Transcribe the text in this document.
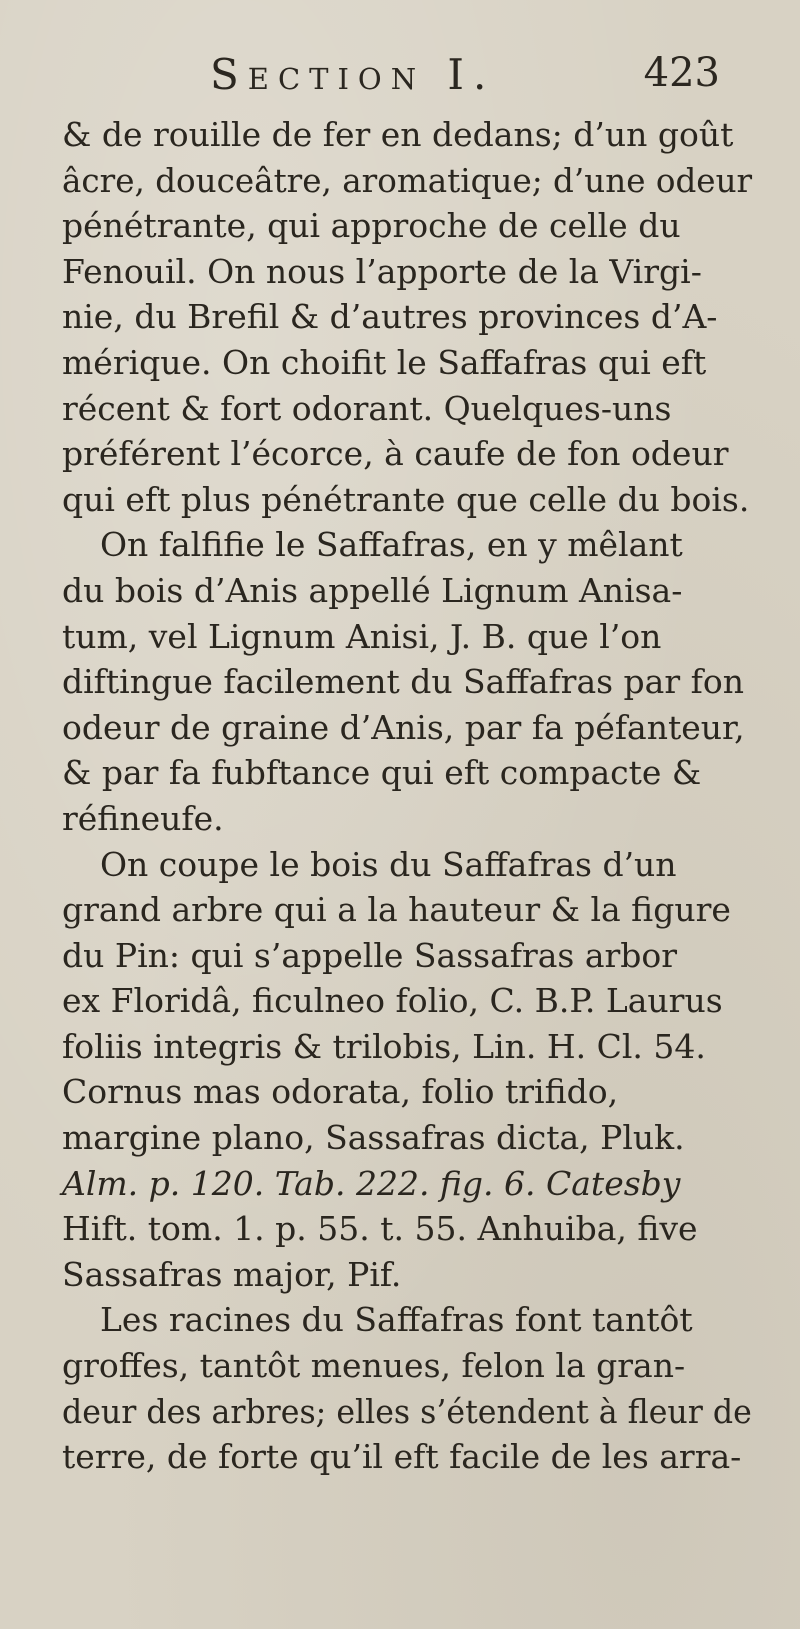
Section I.	423
& de rouille de fer en dedans; d’un goût
âcre, douceâtre, aromatique; d’une odeur
pénétrante, qui approche de celle du
Fenouil. On nous l’apporte de la Virgi-
nie, du Brefil & d’autres provinces d’A-
mérique. On choifit le Saffafras qui eft
récent & fort odorant. Quelques-uns
préférent l’écorce, à caufe de fon odeur
qui eft plus pénétrante que celle du bois.
On falfifie le Saffafras, en y mêlant
du bois d’Anis appellé Lignum Anisa-
tum, vel Lignum Anisi, J. B. que l’on
diftingue facilement du Saffafras par fon
odeur de graine d’Anis, par fa péfanteur,
& par fa fubftance qui eft compacte &
réfineufe.
On coupe le bois du Saffafras d’un
grand arbre qui a la hauteur & la figure
du Pin: qui s’appelle Sassafras arbor
ex Floridâ, ficulneo folio, C. B.P. Laurus
foliis integris & trilobis, Lin. H. Cl. 54.
Cornus mas odorata, folio trifido,
margine plano, Sassafras dicta, Pluk.
Alm. p. 120. Tab. 222. fig. 6. Catesby
Hift. tom. 1. p. 55. t. 55. Anhuiba, five
Sassafras major, Pif.
Les racines du Saffafras font tantôt
groffes, tantôt menues, felon la gran-
deur des arbres; elles s’étendent à fleur de
terre, de forte qu’il eft facile de les arra-
